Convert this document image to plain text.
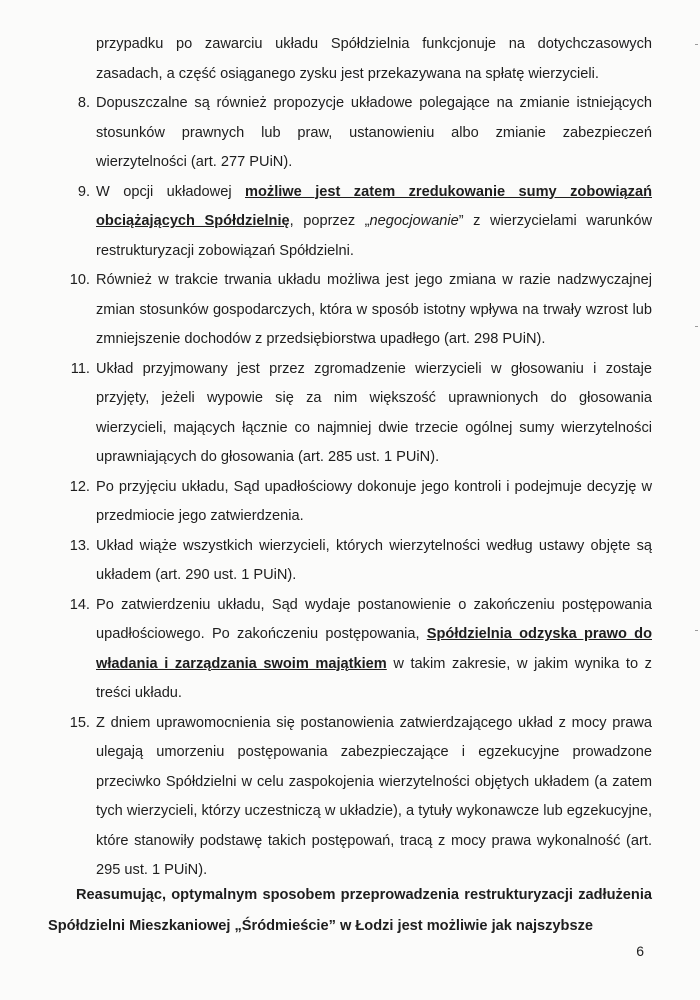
przypadku po zawarciu układu Spółdzielnia funkcjonuje na dotychczasowych zasadach, a część osiąganego zysku jest przekazywana na spłatę wierzycieli.

8. Dopuszczalne są również propozycje układowe polegające na zmianie istniejących stosunków prawnych lub praw, ustanowieniu albo zmianie zabezpieczeń wierzytelności (art. 277 PUiN).

9. W opcji układowej możliwe jest zatem zredukowanie sumy zobowiązań obciążających Spółdzielnię, poprzez „negocjowanie” z wierzycielami warunków restrukturyzacji zobowiązań Spółdzielni.

10. Również w trakcie trwania układu możliwa jest jego zmiana w razie nadzwyczajnej zmian stosunków gospodarczych, która w sposób istotny wpływa na trwały wzrost lub zmniejszenie dochodów z przedsiębiorstwa upadłego (art. 298 PUiN).

11. Układ przyjmowany jest przez zgromadzenie wierzycieli w głosowaniu i zostaje przyjęty, jeżeli wypowie się za nim większość uprawnionych do głosowania wierzycieli, mających łącznie co najmniej dwie trzecie ogólnej sumy wierzytelności uprawniających do głosowania (art. 285 ust. 1 PUiN).

12. Po przyjęciu układu, Sąd upadłościowy dokonuje jego kontroli i podejmuje decyzję w przedmiocie jego zatwierdzenia.

13. Układ wiąże wszystkich wierzycieli, których wierzytelności według ustawy objęte są układem (art. 290 ust. 1 PUiN).

14. Po zatwierdzeniu układu, Sąd wydaje postanowienie o zakończeniu postępowania upadłościowego. Po zakończeniu postępowania, Spółdzielnia odzyska prawo do władania i zarządzania swoim majątkiem w takim zakresie, w jakim wynika to z treści układu.

15. Z dniem uprawomocnienia się postanowienia zatwierdzającego układ z mocy prawa ulegają umorzeniu postępowania zabezpieczające i egzekucyjne prowadzone przeciwko Spółdzielni w celu zaspokojenia wierzytelności objętych układem (a zatem tych wierzycieli, którzy uczestniczą w układzie), a tytuły wykonawcze lub egzekucyjne, które stanowiły podstawę takich postępowań, tracą z mocy prawa wykonalność (art. 295 ust. 1 PUiN).

Reasumując, optymalnym sposobem przeprowadzenia restrukturyzacji zadłużenia Spółdzielni Mieszkaniowej „Śródmieście” w Łodzi jest możliwie jak najszybsze

6
